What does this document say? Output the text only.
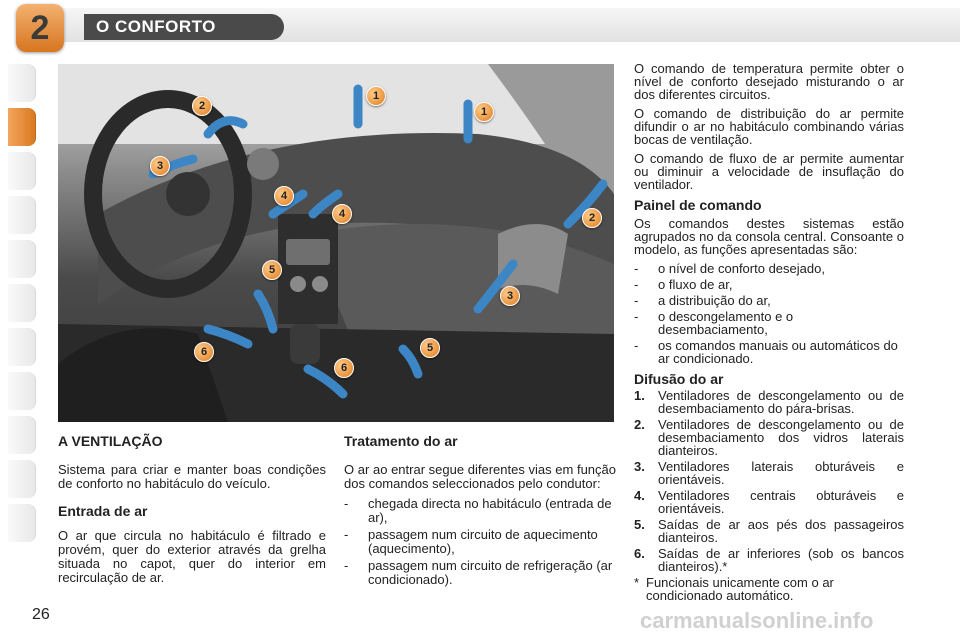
2	O CONFORTO
1
1
2
2
3
3
4
4
5
5
6
6
A VENTILAÇÃO

Sistema para criar e manter boas condições de conforto no habitáculo do veículo.

Entrada de ar

O ar que circula no habitáculo é filtrado e provém, quer do exterior através da grelha situada no capot, quer do interior em recirculação de ar.

Tratamento do ar

O ar ao entrar segue diferentes vias em função dos comandos seleccionados pelo condutor:

- chegada directa no habitáculo (entrada de ar),
- passagem num circuito de aquecimento (aquecimento),
- passagem num circuito de refrigeração (ar condicionado).

O comando de temperatura permite obter o nível de conforto desejado misturando o ar dos diferentes circuitos.

O comando de distribuição do ar permite difundir o ar no habitáculo combinando várias bocas de ventilação.

O comando de fluxo de ar permite aumentar ou diminuir a velocidade de insuflação do ventilador.

Painel de comando

Os comandos destes sistemas estão agrupados no da consola central. Consoante o modelo, as funções apresentadas são:

- o nível de conforto desejado,
- o fluxo de ar,
- a distribuição do ar,
- o descongelamento e o desembaciamento,
- os comandos manuais ou automáticos do ar condicionado.
Difusão do ar
1. Ventiladores de descongelamento ou de desembaciamento do pára-brisas.
2. Ventiladores de descongelamento ou de desembaciamento dos vidros laterais dianteiros.
3. Ventiladores laterais obturáveis e orientáveis.
4. Ventiladores centrais obturáveis e orientáveis.
5. Saídas de ar aos pés dos passageiros dianteiros.
6. Saídas de ar inferiores (sob os bancos dianteiros).*
* Funcionais unicamente com o ar condicionado automático.
26	carmanualsonline.info
